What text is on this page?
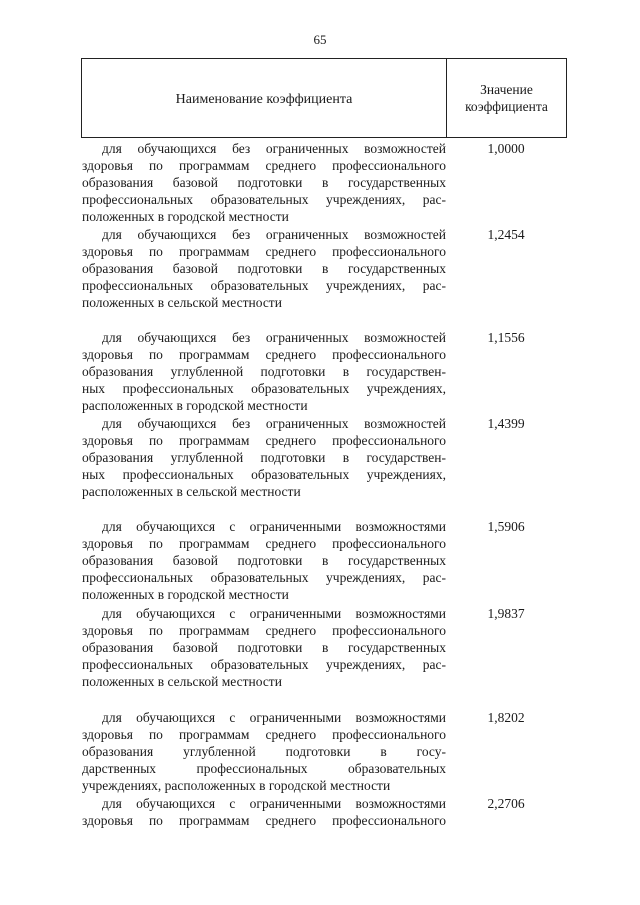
65
Наименование коэффициента
Значение
коэффициента
для обучающихся без ограниченных возможностей
здоровья по программам среднего профессионального
образования базовой подготовки в государственных
профессиональных образовательных учреждениях, рас-
положенных в городской местности
1,0000
для обучающихся без ограниченных возможностей
здоровья по программам среднего профессионального
образования базовой подготовки в государственных
профессиональных образовательных учреждениях, рас-
положенных в сельской местности
1,2454
для обучающихся без ограниченных возможностей
здоровья по программам среднего профессионального
образования углубленной подготовки в государствен-
ных профессиональных образовательных учреждениях,
расположенных в городской местности
1,1556
для обучающихся без ограниченных возможностей
здоровья по программам среднего профессионального
образования углубленной подготовки в государствен-
ных профессиональных образовательных учреждениях,
расположенных в сельской местности
1,4399
для обучающихся с ограниченными возможностями
здоровья по программам среднего профессионального
образования базовой подготовки в государственных
профессиональных образовательных учреждениях, рас-
положенных в городской местности
1,5906
для обучающихся с ограниченными возможностями
здоровья по программам среднего профессионального
образования базовой подготовки в государственных
профессиональных образовательных учреждениях, рас-
положенных в сельской местности
1,9837
для обучающихся с ограниченными возможностями
здоровья по программам среднего профессионального
образования углубленной подготовки в госу-
дарственных профессиональных образовательных
учреждениях, расположенных в городской местности
1,8202
для обучающихся с ограниченными возможностями
здоровья по программам среднего профессионального
2,2706
